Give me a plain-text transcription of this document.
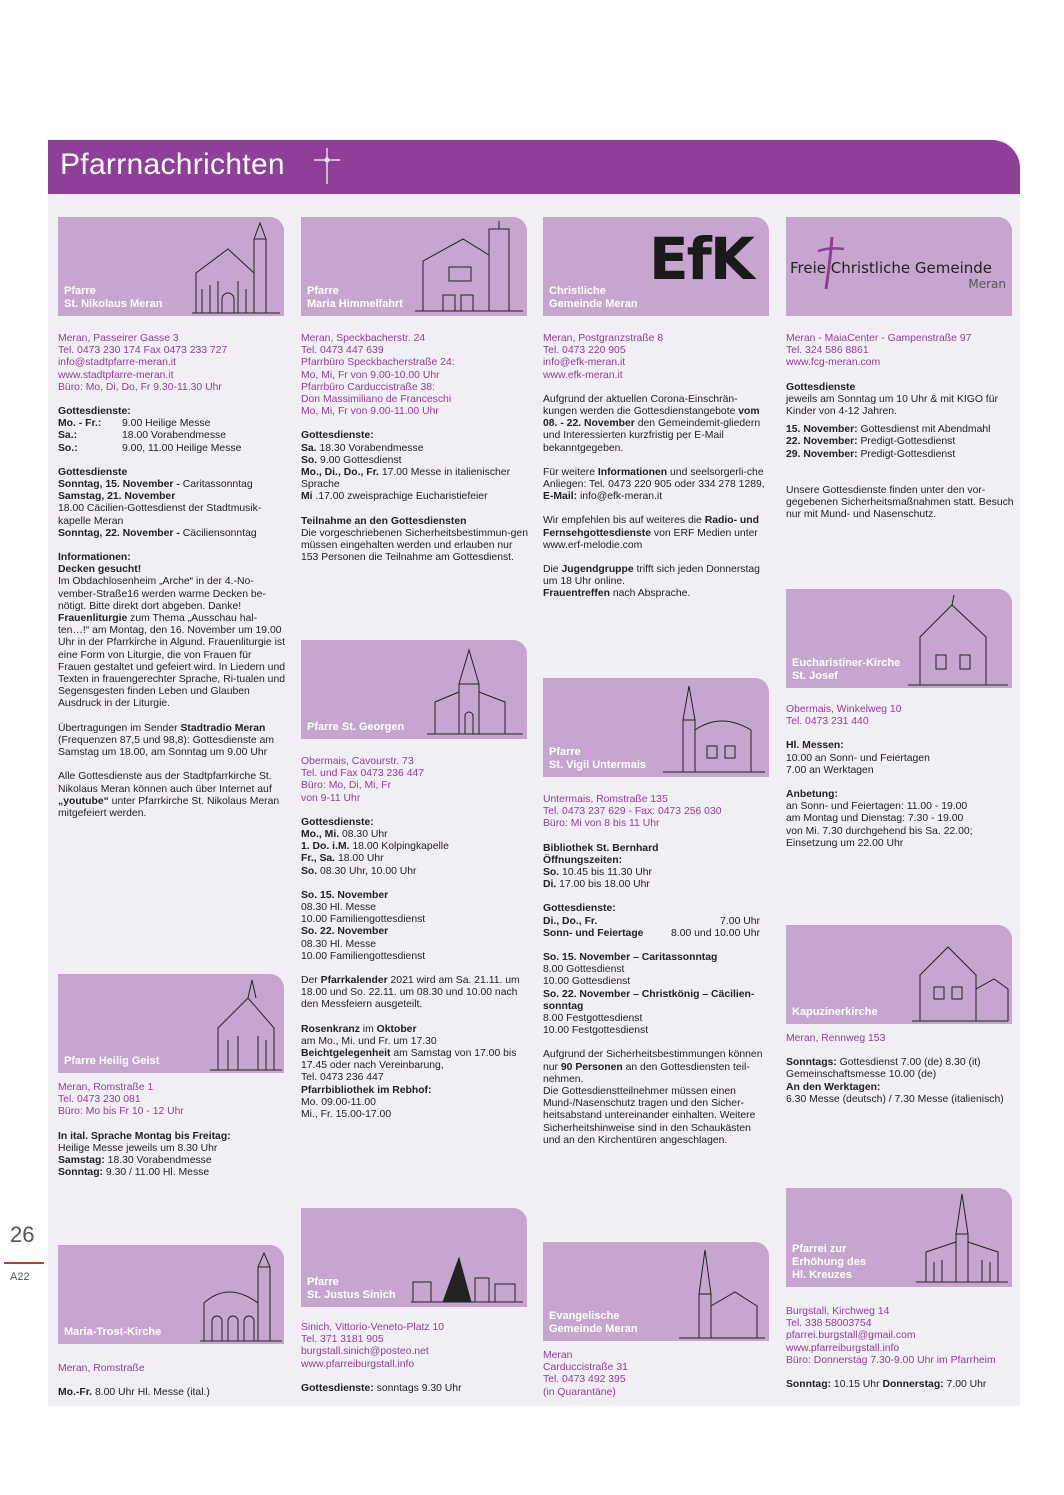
Pfarrnachrichten
26
A22
Pfarre
St. Nikolaus Meran

Meran, Passeirer Gasse 3

Tel. 0473 230 174 Fax 0473 233 727

info@stadtpfarre-meran.it

www.stadtpfarre-meran.it

Büro: Mo, Di, Do, Fr 9.30-11.30 Uhr

Gottesdienste:

Mo. - Fr.:	9.00 Heilige Messe
Sa.:	18.00 Vorabendmesse
So.:	9.00, 11.00 Heilige Messe

Gottesdienste

Sonntag, 15. November - Caritassonntag

Samstag, 21. November

18.00 Cäcilien-Gottesdienst der Stadtmusik-kapelle Meran

Sonntag, 22. November - Cäciliensonntag

Informationen:

Decken gesucht!

Im Obdachlosenheim „Arche“ in der 4.-No-vember-Straße16 werden warme Decken be-nötigt. Bitte direkt dort abgeben. Danke!

Frauenliturgie zum Thema „Ausschau hal-ten…!“ am Montag, den 16. November um 19.00 Uhr in der Pfarrkirche in Algund. Frauenliturgie ist eine Form von Liturgie, die von Frauen für Frauen gestaltet und gefeiert wird. In Liedern und Texten in frauengerechter Sprache, Ri-tualen und Segensgesten finden Leben und Glauben Ausdruck in der Liturgie.

Übertragungen im Sender Stadtradio Meran (Frequenzen 87,5 und 98,8): Gottesdienste am Samstag um 18.00, am Sonntag um 9.00 Uhr

Alle Gottesdienste aus der Stadtpfarrkirche St. Nikolaus Meran können auch über Internet auf „youtube“ unter Pfarrkirche St. Nikolaus Meran mitgefeiert werden.

Pfarre Heilig Geist

Meran, Romstraße 1

Tel. 0473 230 081

Büro: Mo bis Fr 10 - 12 Uhr

In ital. Sprache Montag bis Freitag:

Heilige Messe jeweils um 8.30 Uhr

Samstag: 18.30 Vorabendmesse

Sonntag: 9.30 / 11.00 Hl. Messe

Maria-Trost-Kirche

Meran, Romstraße

Mo.-Fr. 8.00 Uhr Hl. Messe (ital.)

Pfarre
Maria Himmelfahrt

Meran, Speckbacherstr. 24

Tel. 0473 447 639

Pfarrbüro Speckbacherstraße 24:

Mo, Mi, Fr von 9.00-10.00 Uhr

Pfarrbüro Carduccistraße 38:

Don Massimiliano de Franceschi

Mo, Mi, Fr von 9.00-11.00 Uhr

Gottesdienste:

Sa. 18.30 Vorabendmesse

So. 9.00 Gottesdienst

Mo., Di., Do., Fr. 17.00 Messe in italienischer Sprache

Mi .17.00 zweisprachige Eucharistiefeier

Teilnahme an den Gottesdiensten

Die vorgeschriebenen Sicherheitsbestimmun-gen müssen eingehalten werden und erlauben nur 153 Personen die Teilnahme am Gottesdienst.

Pfarre St. Georgen

Obermais, Cavourstr. 73

Tel. und Fax 0473 236 447

Büro: Mo, Di, Mi, Fr

von 9-11 Uhr

Gottesdienste:

Mo., Mi. 08.30 Uhr

1. Do. i.M. 18.00 Kolpingkapelle

Fr., Sa. 18.00 Uhr

So. 08.30 Uhr, 10.00 Uhr

So. 15. November

08.30 Hl. Messe

10.00 Familiengottesdienst

So. 22. November

08.30 Hl. Messe

10.00 Familiengottesdienst

Der Pfarrkalender 2021 wird am Sa. 21.11. um 18.00 und So. 22.11. um 08.30 und 10.00 nach den Messfeiern ausgeteilt.

Rosenkranz im Oktober

am Mo., Mi. und Fr. um 17.30

Beichtgelegenheit am Samstag von 17.00 bis 17.45 oder nach Vereinbarung,

Tel. 0473 236 447

Pfarrbibliothek im Rebhof:

Mo. 09.00-11.00

Mi., Fr. 15.00-17.00

Pfarre
St. Justus Sinich

Sinich, Vittorio-Veneto-Platz 10

Tel. 371 3181 905

burgstall.sinich@posteo.net

www.pfarreiburgstall.info

Gottesdienste: sonntags 9.30 Uhr

EfK
Christliche
Gemeinde Meran

Meran, Postgranzstraße 8

Tel. 0473 220 905

info@efk-meran.it

www.efk-meran.it

Aufgrund der aktuellen Corona-Einschrän-kungen werden die Gottesdienstangebote vom 08. - 22. November den Gemeindemit-gliedern und Interessierten kurzfristig per E-Mail bekanntgegeben.

Für weitere Informationen und seelsorgerli-che Anliegen: Tel. 0473 220 905 oder 334 278 1289, E-Mail: info@efk-meran.it

Wir empfehlen bis auf weiteres die Radio- und Fernsehgottesdienste von ERF Medien unter www.erf-melodie.com

Die Jugendgruppe trifft sich jeden Donnerstag um 18 Uhr online.

Frauentreffen nach Absprache.

Pfarre
St. Vigil Untermais

Untermais, Romstraße 135

Tel. 0473 237 629 - Fax: 0473 256 030

Büro: Mi von 8 bis 11 Uhr

Bibliothek St. Bernhard

Öffnungszeiten:

So. 10.45 bis 11.30 Uhr

Di. 17.00 bis 18.00 Uhr

Gottesdienste:

Di., Do., Fr.	7.00 Uhr
Sonn- und Feiertage	8.00 und 10.00 Uhr

So. 15. November – Caritassonntag

8.00 Gottesdienst

10.00 Gottesdienst

So. 22. November – Christkönig – Cäcilien-sonntag

8.00 Festgottesdienst

10.00 Festgottesdienst

Aufgrund der Sicherheitsbestimmungen können nur 90 Personen an den Gottesdiensten teil-nehmen.

Die Gottesdienstteilnehmer müssen einen Mund-/Nasenschutz tragen und den Sicher-heitsabstand untereinander einhalten. Weitere Sicherheitshinweise sind in den Schaukästen und an den Kirchentüren angeschlagen.

Evangelische
Gemeinde Meran

Meran

Carduccistraße 31

Tel. 0473 492 395

(in Quarantäne)

Freie Christliche Gemeinde
Meran

Meran - MaiaCenter - Gampenstraße 97

Tel. 324 586 8861

www.fcg-meran.com

Gottesdienste

jeweils am Sonntag um 10 Uhr & mit KIGO für Kinder von 4-12 Jahren.

15. November: Gottesdienst mit Abendmahl

22. November: Predigt-Gottesdienst

29. November: Predigt-Gottesdienst

Unsere Gottesdienste finden unter den vor-gegebenen Sicherheitsmaßnahmen statt. Besuch nur mit Mund- und Nasenschutz.

Eucharistiner-Kirche
St. Josef

Obermais, Winkelweg 10

Tel. 0473 231 440

Hl. Messen:

10.00 an Sonn- und Feiertagen

7.00 an Werktagen

Anbetung:

an Sonn- und Feiertagen: 11.00 - 19.00

am Montag und Dienstag: 7.30 - 19.00

von Mi. 7.30 durchgehend bis Sa. 22.00;

Einsetzung um 22.00 Uhr

Kapuzinerkirche

Meran, Rennweg 153

Sonntags: Gottesdienst 7.00 (de) 8.30 (it)

Gemeinschaftsmesse 10.00 (de)

An den Werktagen:

6.30 Messe (deutsch) / 7.30 Messe (italienisch)

Pfarrei zur
Erhöhung des
Hl. Kreuzes

Burgstall, Kirchweg 14

Tel. 338 58003754

pfarrei.burgstall@gmail.com

www.pfarreiburgstall.info

Büro: Donnerstag 7.30-9.00 Uhr im Pfarrheim

Sonntag: 10.15 Uhr Donnerstag: 7.00 Uhr
